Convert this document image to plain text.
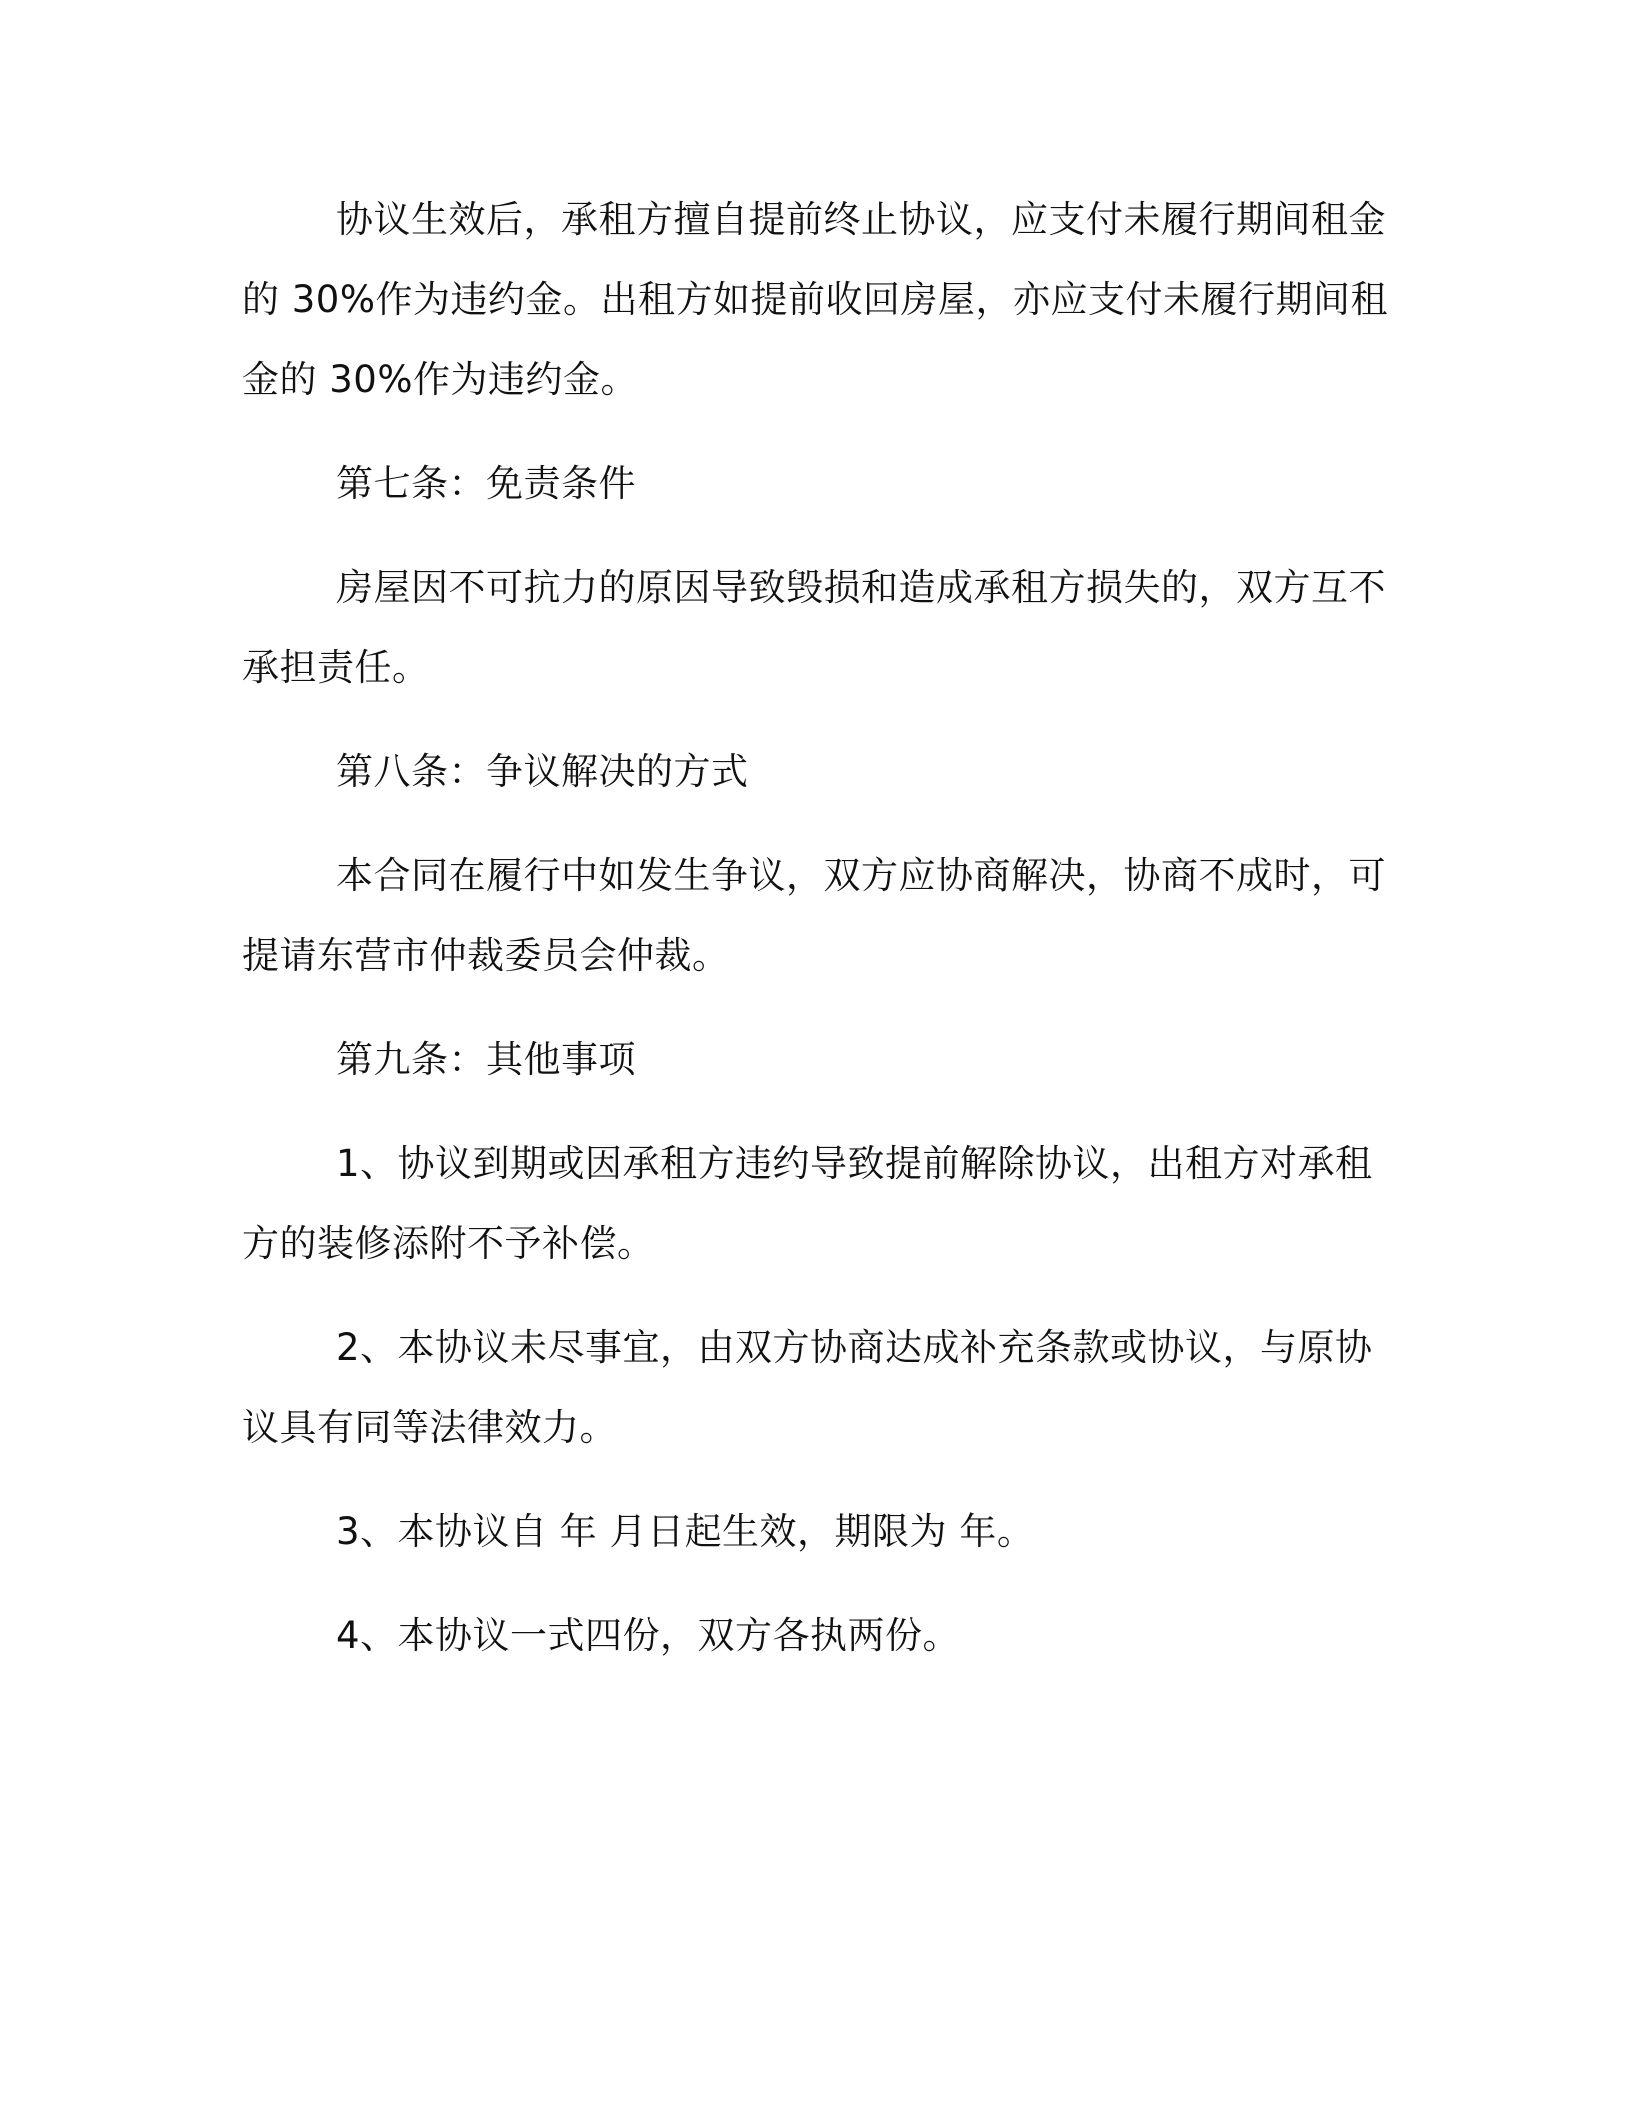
协议生效后，承租方擅自提前终止协议，应支付未履行期间租金的 30%作为违约金。出租方如提前收回房屋，亦应支付未履行期间租金的 30%作为违约金。

第七条：免责条件

房屋因不可抗力的原因导致毁损和造成承租方损失的，双方互不承担责任。

第八条：争议解决的方式

本合同在履行中如发生争议，双方应协商解决，协商不成时，可提请东营市仲裁委员会仲裁。

第九条：其他事项

1、协议到期或因承租方违约导致提前解除协议，出租方对承租方的装修添附不予补偿。

2、本协议未尽事宜，由双方协商达成补充条款或协议，与原协议具有同等法律效力。

3、本协议自 年 月日起生效，期限为 年。

4、本协议一式四份，双方各执两份。
